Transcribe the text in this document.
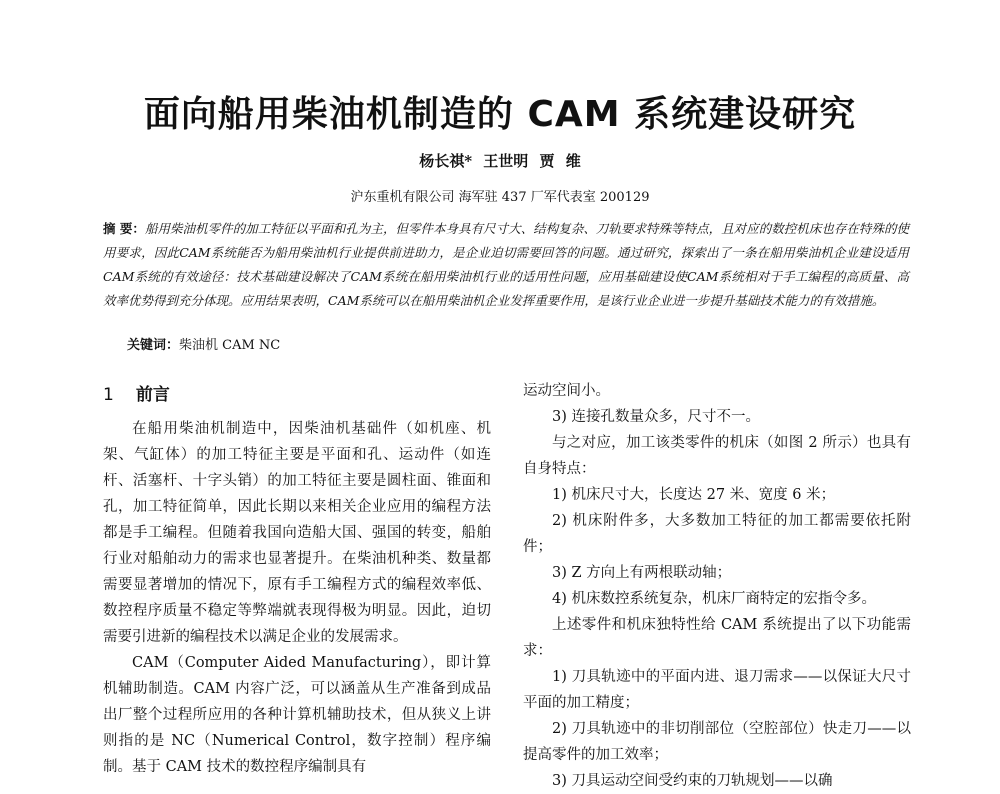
面向船用柴油机制造的 CAM 系统建设研究
杨长祺* 王世明 贾 维
沪东重机有限公司 海军驻 437 厂军代表室 200129
摘 要：船用柴油机零件的加工特征以平面和孔为主，但零件本身具有尺寸大、结构复杂、刀轨要求特殊等特点，且对应的数控机床也存在特殊的使用要求，因此CAM系统能否为船用柴油机行业提供前进助力，是企业迫切需要回答的问题。通过研究，探索出了一条在船用柴油机企业建设适用CAM系统的有效途径：技术基础建设解决了CAM系统在船用柴油机行业的适用性问题，应用基础建设使CAM系统相对于手工编程的高质量、高效率优势得到充分体现。应用结果表明，CAM系统可以在船用柴油机企业发挥重要作用，是该行业企业进一步提升基础技术能力的有效措施。
关键词：柴油机 CAM NC

1 前言

在船用柴油机制造中，因柴油机基础件（如机座、机架、气缸体）的加工特征主要是平面和孔、运动件（如连杆、活塞杆、十字头销）的加工特征主要是圆柱面、锥面和孔，加工特征简单，因此长期以来相关企业应用的编程方法都是手工编程。但随着我国向造船大国、强国的转变，船舶行业对船舶动力的需求也显著提升。在柴油机种类、数量都需要显著增加的情况下，原有手工编程方式的编程效率低、数控程序质量不稳定等弊端就表现得极为明显。因此，迫切需要引进新的编程技术以满足企业的发展需求。

CAM（Computer Aided Manufacturing），即计算机辅助制造。CAM 内容广泛，可以涵盖从生产准备到成品出厂整个过程所应用的各种计算机辅助技术，但从狭义上讲则指的是 NC（Numerical Control，数字控制）程序编制。基于 CAM 技术的数控程序编制具有

运动空间小。

3) 连接孔数量众多，尺寸不一。

与之对应，加工该类零件的机床（如图 2 所示）也具有自身特点：

1) 机床尺寸大，长度达 27 米、宽度 6 米；

2) 机床附件多，大多数加工特征的加工都需要依托附件；

3) Z 方向上有两根联动轴；

4) 机床数控系统复杂，机床厂商特定的宏指令多。

上述零件和机床独特性给 CAM 系统提出了以下功能需求：

1) 刀具轨迹中的平面内进、退刀需求——以保证大尺寸平面的加工精度；

2) 刀具轨迹中的非切削部位（空腔部位）快走刀——以提高零件的加工效率；

3) 刀具运动空间受约束的刀轨规划——以确
